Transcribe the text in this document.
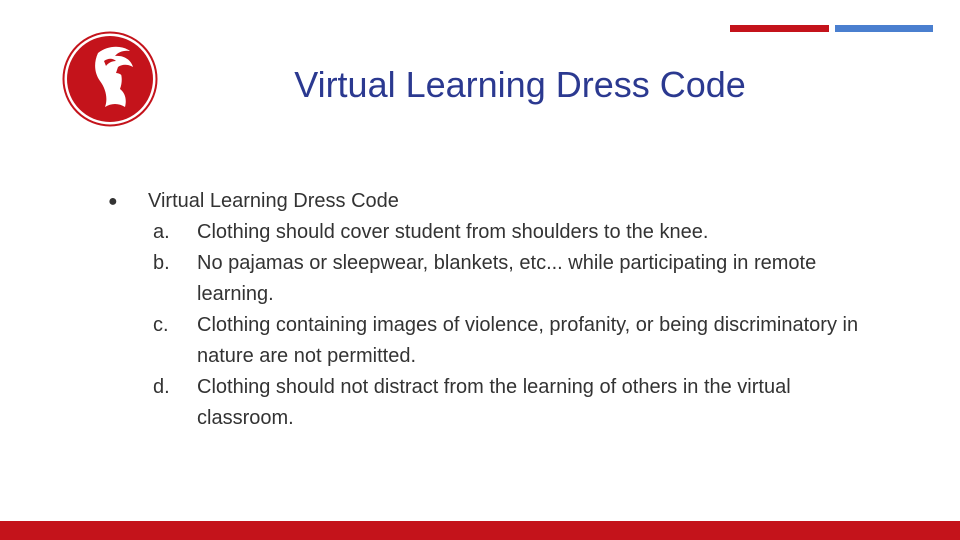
Virtual Learning Dress Code
●	Virtual Learning Dress Code
a.	Clothing should cover student from shoulders to the knee.
b.	No pajamas or sleepwear, blankets, etc... while participating in remote learning.
c.	Clothing containing images of violence, profanity, or being discriminatory in nature are not permitted.
d.	Clothing should not distract from the learning of others in the virtual classroom.
